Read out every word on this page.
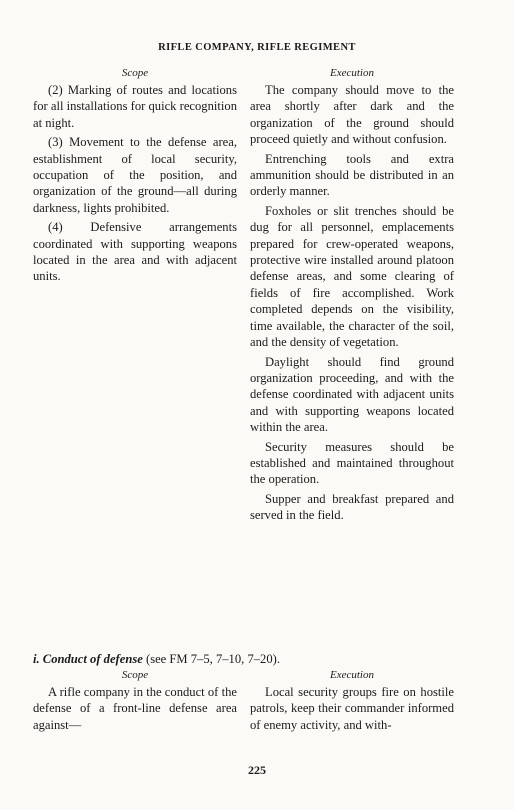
RIFLE COMPANY, RIFLE REGIMENT
Scope

(2) Marking of routes and locations for all installations for quick recognition at night.

(3) Movement to the defense area, establishment of local security, occupation of the position, and organization of the ground—all during darkness, lights prohibited.

(4) Defensive arrangements coordinated with supporting weapons located in the area and with adjacent units.

Execution

The company should move to the area shortly after dark and the organization of the ground should proceed quietly and without confusion.

Entrenching tools and extra ammunition should be distributed in an orderly manner.

Foxholes or slit trenches should be dug for all personnel, emplacements prepared for crew-operated weapons, protective wire installed around platoon defense areas, and some clearing of fields of fire accomplished. Work completed depends on the visibility, time available, the character of the soil, and the density of vegetation.

Daylight should find ground organization proceeding, and with the defense coordinated with adjacent units and with supporting weapons located within the area.

Security measures should be established and maintained throughout the operation.

Supper and breakfast prepared and served in the field.

i. Conduct of defense (see FM 7–5, 7–10, 7–20).
Scope

A rifle company in the conduct of the defense of a front-line defense area against—

Execution

Local security groups fire on hostile patrols, keep their commander informed of enemy activity, and with-

225
